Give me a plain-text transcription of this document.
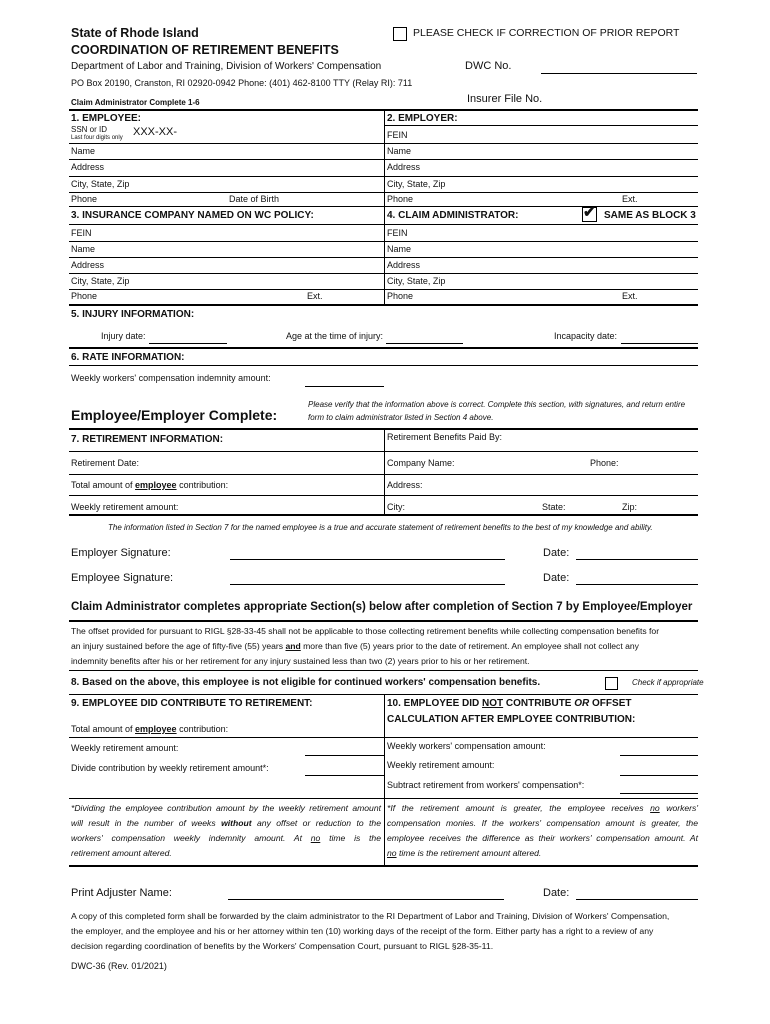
State of Rhode Island
COORDINATION OF RETIREMENT BENEFITS
Department of Labor and Training, Division of Workers' Compensation
PO Box 20190, Cranston, RI 02920-0942 Phone: (401) 462-8100 TTY (Relay RI): 711
PLEASE CHECK IF CORRECTION OF PRIOR REPORT
DWC No.
Insurer File No.
Claim Administrator Complete 1-6
1. EMPLOYEE:
SSN or ID
Last four digits only XXX-XX-
Name
Address
City, State, Zip
Phone	Date of Birth
2. EMPLOYER:
FEIN
Name
Address
City, State, Zip
Phone	Ext.
3. INSURANCE COMPANY NAMED ON WC POLICY:
FEIN
Name
Address
City, State, Zip
Phone	Ext.
4. CLAIM ADMINISTRATOR:	✔ SAME AS BLOCK 3
FEIN
Name
Address
City, State, Zip
Phone	Ext.
5. INJURY INFORMATION:
Injury date:	Age at the time of injury:	Incapacity date:
6. RATE INFORMATION:
Weekly workers' compensation indemnity amount:
Employee/Employer Complete:
Please verify that the information above is correct. Complete this section, with signatures, and return entire
form to claim administrator listed in Section 4 above.
7. RETIREMENT INFORMATION:	Retirement Benefits Paid By:
Retirement Date:	Company Name:	Phone:
Total amount of employee contribution:	Address:
Weekly retirement amount:	City:	State:	Zip:
The information listed in Section 7 for the named employee is a true and accurate statement of retirement benefits to the best of my knowledge and ability.
Employer Signature:	Date:
Employee Signature:	Date:
Claim Administrator completes appropriate Section(s) below after completion of Section 7 by Employee/Employer
The offset provided for pursuant to RIGL §28-33-45 shall not be applicable to those collecting retirement benefits while collecting compensation benefits for
an injury sustained before the age of fifty-five (55) years and more than five (5) years prior to the date of retirement. An employee shall not collect any
indemnity benefits after his or her retirement for any injury sustained less than two (2) years prior to his or her retirement.
8. Based on the above, this employee is not eligible for continued workers' compensation benefits.	Check if appropriate
9. EMPLOYEE DID CONTRIBUTE TO RETIREMENT:	10. EMPLOYEE DID NOT CONTRIBUTE OR OFFSET
CALCULATION AFTER EMPLOYEE CONTRIBUTION:
Total amount of employee contribution:
Weekly retirement amount:	Weekly workers' compensation amount:
Divide contribution by weekly retirement amount*:	Weekly retirement amount:
Subtract retirement from workers' compensation*:
*Dividing the employee contribution amount by the weekly retirement amount
will result in the number of weeks without any offset or reduction to the
workers' compensation weekly indemnity amount. At no time is the
retirement amount altered.
*If the retirement amount is greater, the employee receives no workers'
compensation monies. If the workers' compensation amount is greater, the
employee receives the difference as their workers' compensation amount. At
no time is the retirement amount altered.
Print Adjuster Name:	Date:
A copy of this completed form shall be forwarded by the claim administrator to the RI Department of Labor and Training, Division of Workers' Compensation,
the employer, and the employee and his or her attorney within ten (10) working days of the receipt of the form. Either party has a right to a review of any
decision regarding coordination of benefits by the Workers' Compensation Court, pursuant to RIGL §28-35-11.
DWC-36 (Rev. 01/2021)
